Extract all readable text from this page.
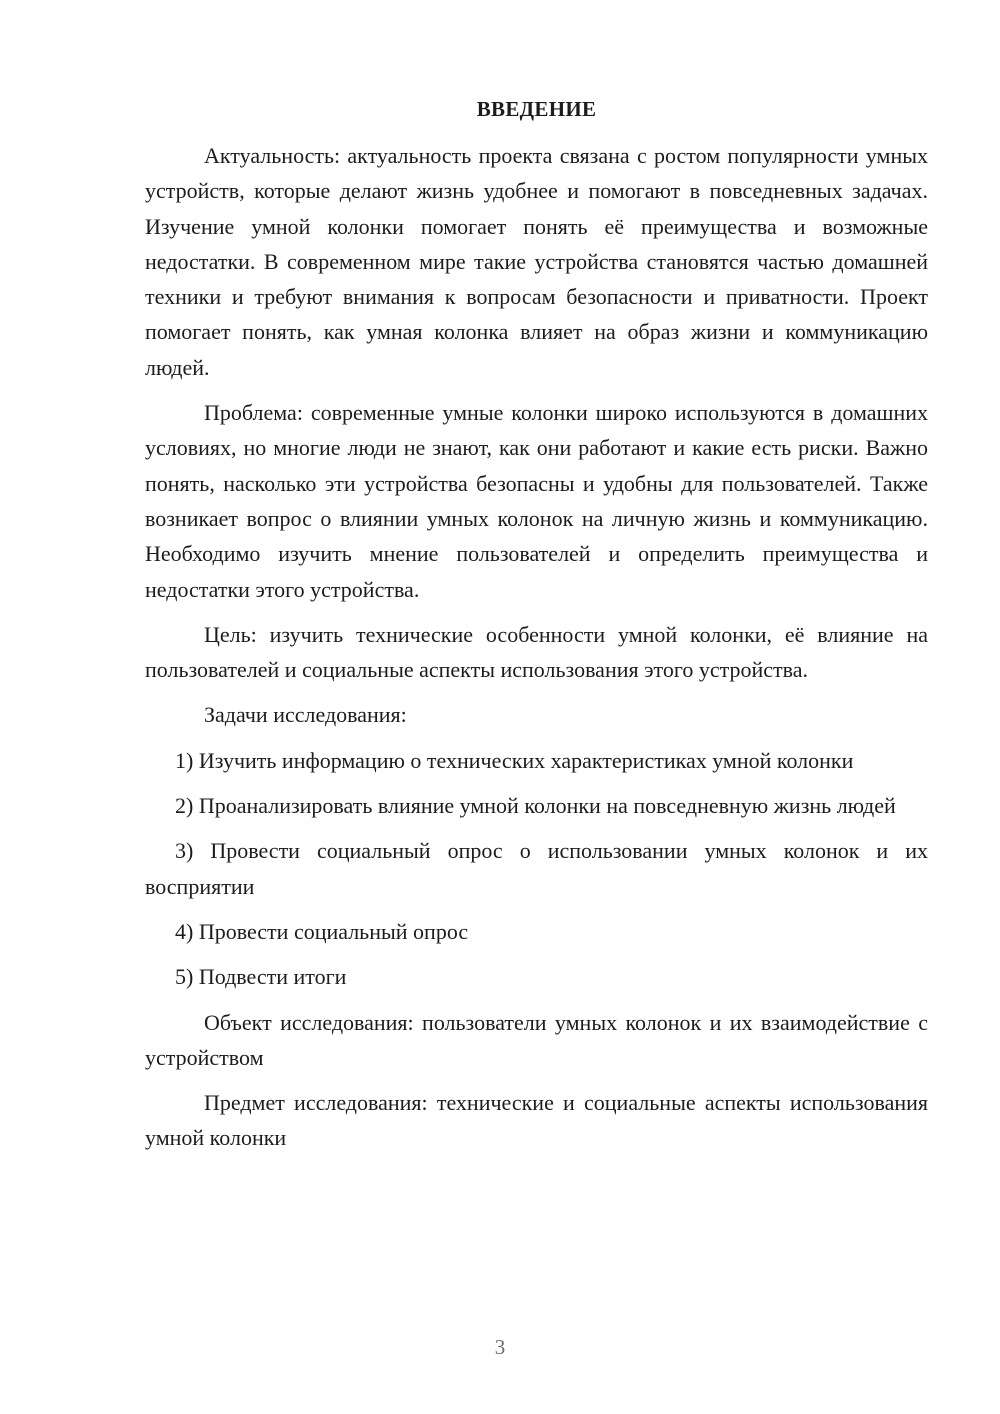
ВВЕДЕНИЕ

Актуальность: актуальность проекта связана с ростом популярности умных устройств, которые делают жизнь удобнее и помогают в повседневных задачах. Изучение умной колонки помогает понять её преимущества и возможные недостатки. В современном мире такие устройства становятся частью домашней техники и требуют внимания к вопросам безопасности и приватности. Проект помогает понять, как умная колонка влияет на образ жизни и коммуникацию людей.

Проблема: современные умные колонки широко используются в домашних условиях, но многие люди не знают, как они работают и какие есть риски. Важно понять, насколько эти устройства безопасны и удобны для пользователей. Также возникает вопрос о влиянии умных колонок на личную жизнь и коммуникацию. Необходимо изучить мнение пользователей и определить преимущества и недостатки этого устройства.

Цель: изучить технические особенности умной колонки, её влияние на пользователей и социальные аспекты использования этого устройства.

Задачи исследования:

1) Изучить информацию о технических характеристиках умной колонки

2) Проанализировать влияние умной колонки на повседневную жизнь людей

3) Провести социальный опрос о использовании умных колонок и их восприятии

4) Провести социальный опрос

5) Подвести итоги

Объект исследования: пользователи умных колонок и их взаимодействие с устройством

Предмет исследования: технические и социальные аспекты использования умной колонки

3
